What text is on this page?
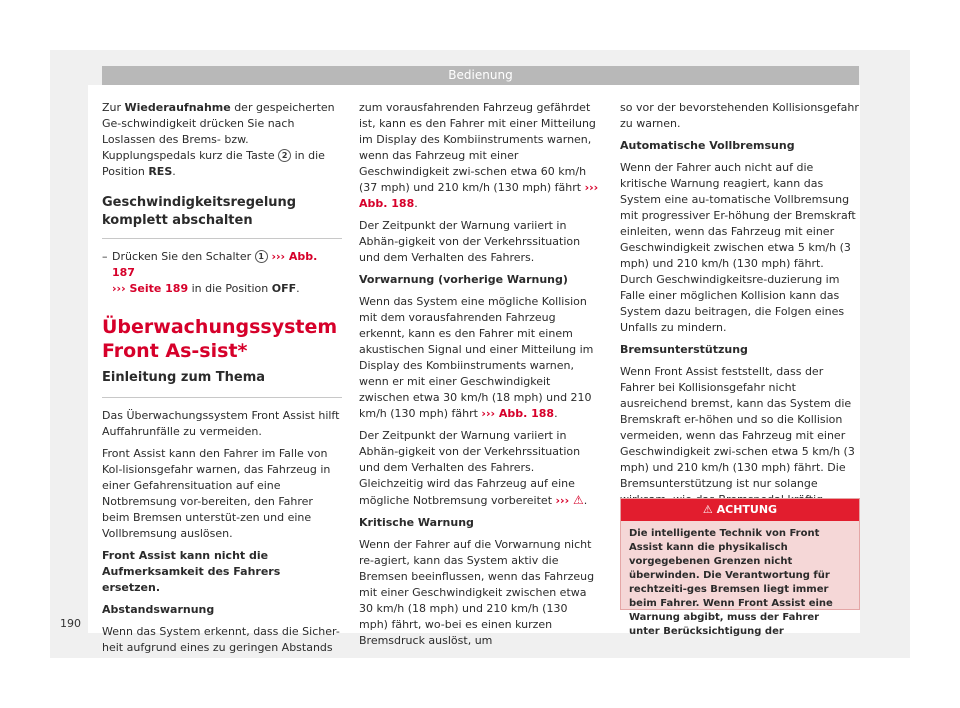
Bedienung

Zur Wiederaufnahme der gespeicherten Ge-schwindigkeit drücken Sie nach Loslassen des Brems- bzw. Kupplungspedals kurz die Taste 2 in die Position RES.

Geschwindigkeitsregelung komplett abschalten

– Drücken Sie den Schalter 1 ››› Abb. 187
››› Seite 189 in die Position OFF.

Überwachungssystem Front As-sist*
Einleitung zum Thema

Das Überwachungssystem Front Assist hilft Auffahrunfälle zu vermeiden.

Front Assist kann den Fahrer im Falle von Kol-lisionsgefahr warnen, das Fahrzeug in einer Gefahrensituation auf eine Notbremsung vor-bereiten, den Fahrer beim Bremsen unterstüt-zen und eine Vollbremsung auslösen.

Front Assist kann nicht die Aufmerksamkeit des Fahrers ersetzen.

Abstandswarnung

Wenn das System erkennt, dass die Sicher-heit aufgrund eines zu geringen Abstands

zum vorausfahrenden Fahrzeug gefährdet ist, kann es den Fahrer mit einer Mitteilung im Display des Kombiinstruments warnen, wenn das Fahrzeug mit einer Geschwindigkeit zwi-schen etwa 60 km/h (37 mph) und 210 km/h (130 mph) fährt ››› Abb. 188.

Der Zeitpunkt der Warnung variiert in Abhän-gigkeit von der Verkehrssituation und dem Verhalten des Fahrers.

Vorwarnung (vorherige Warnung)

Wenn das System eine mögliche Kollision mit dem vorausfahrenden Fahrzeug erkennt, kann es den Fahrer mit einem akustischen Signal und einer Mitteilung im Display des Kombiinstruments warnen, wenn er mit einer Geschwindigkeit zwischen etwa 30 km/h (18 mph) und 210 km/h (130 mph) fährt ››› Abb. 188.

Der Zeitpunkt der Warnung variiert in Abhän-gigkeit von der Verkehrssituation und dem Verhalten des Fahrers. Gleichzeitig wird das Fahrzeug auf eine mögliche Notbremsung vorbereitet ››› ⚠.

Kritische Warnung

Wenn der Fahrer auf die Vorwarnung nicht re-agiert, kann das System aktiv die Bremsen beeinflussen, wenn das Fahrzeug mit einer Geschwindigkeit zwischen etwa 30 km/h (18 mph) und 210 km/h (130 mph) fährt, wo-bei es einen kurzen Bremsdruck auslöst, um

so vor der bevorstehenden Kollisionsgefahr zu warnen.

Automatische Vollbremsung

Wenn der Fahrer auch nicht auf die kritische Warnung reagiert, kann das System eine au-tomatische Vollbremsung mit progressiver Er-höhung der Bremskraft einleiten, wenn das Fahrzeug mit einer Geschwindigkeit zwischen etwa 5 km/h (3 mph) und 210 km/h (130 mph) fährt. Durch Geschwindigkeitsre-duzierung im Falle einer möglichen Kollision kann das System dazu beitragen, die Folgen eines Unfalls zu mindern.

Bremsunterstützung

Wenn Front Assist feststellt, dass der Fahrer bei Kollisionsgefahr nicht ausreichend bremst, kann das System die Bremskraft er-höhen und so die Kollision vermeiden, wenn das Fahrzeug mit einer Geschwindigkeit zwi-schen etwa 5 km/h (3 mph) und 210 km/h (130 mph) fährt. Die Bremsunterstützung ist nur solange

⚠ ACHTUNG
Die intelligente Technik von Front Assist kann die physikalisch vorgegebenen Grenzen nicht überwinden. Die Verantwortung für rechtzeiti-ges Bremsen liegt immer beim Fahrer. Wenn Front Assist eine Warnung abgibt, muss der Fahrer unter Berücksichtigung der
190
